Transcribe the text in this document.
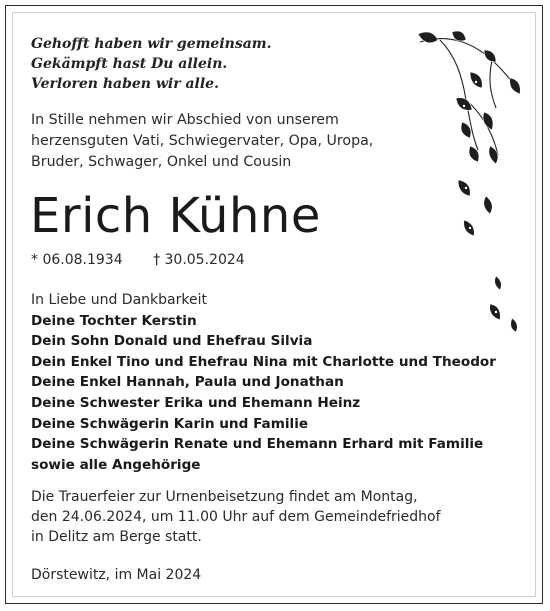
Gehofft haben wir gemeinsam.
Gekämpft hast Du allein.
Verloren haben wir alle.
In Stille nehmen wir Abschied von unserem
herzensguten Vati, Schwiegervater, Opa, Uropa,
Bruder, Schwager, Onkel und Cousin
Erich Kühne
* 06.08.1934 † 30.05.2024
In Liebe und Dankbarkeit
Deine Tochter Kerstin
Dein Sohn Donald und Ehefrau Silvia
Dein Enkel Tino und Ehefrau Nina mit Charlotte und Theodor
Deine Enkel Hannah, Paula und Jonathan
Deine Schwester Erika und Ehemann Heinz
Deine Schwägerin Karin und Familie
Deine Schwägerin Renate und Ehemann Erhard mit Familie
sowie alle Angehörige
Die Trauerfeier zur Urnenbeisetzung findet am Montag,
den 24.06.2024, um 11.00 Uhr auf dem Gemeindefriedhof
in Delitz am Berge statt.
Dörstewitz, im Mai 2024
